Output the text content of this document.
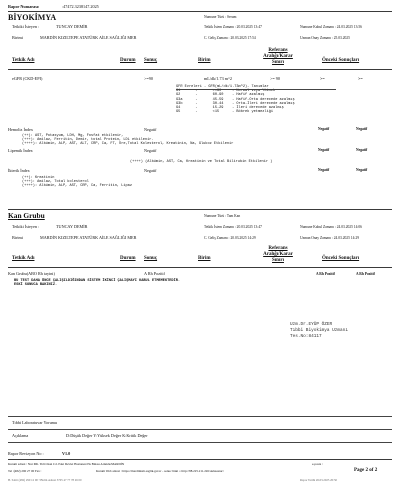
Rapor Numarası:	:47472.3238147.2025
BİYOKİMYA	Numune Türü : Serum
Tetkiki İsteyen :	TUNCAY DEMİR	Tetkik İstem Zamanı : 20.03.2025 13:47	Numune Kabul Zamanı : 24.03.2025 13:56
Birimi	MARDİN KIZILTEPE ATATÜRK AİLE SAĞLIĞI MER	C. Geliş Zamanı : 20.03.2025 17:54	Uzman Onay Zamanı : 25.03.2025
Tetkik Adı	Durum Sonuç	Birim
Referans
Aralığı/Karar
Sınırı	Önceki Sonuçları
eGFR (CKD-EPI)	>=90	mL/dk/1.73 m^2	>= 90	>=	>=
GFR Evreleri - GFR(mL/dk/1.73m^2)- Tanımlar
G1       -       >=90     - Normal veya Yüksek
G2       -       60-90    - Hafif azalmış
G3a      -       45-59    - Hafif-Orta derecede azalmış
G3b      -       30-44    - Orta-İleri derecede azalmış
G4       -       15-29    - İleri derecede azalmış
G5       -       <15      - Böbrek yetmezliği
Hemoliz İndex	Negatif	Negatif	Negatif
(++): AST, Potasyum, LDH, Mg, Fosfat etkilenir,
(+++): Amilaz, Ferritin, Demir, total Protein, LDL etkilenir.
(++++): Albümin, ALP, AST, ALT, CRP, Ca, FT, Üre,Total Kolesterol, Kreatinin, Na, Glukoz Etkilenir
Lipemik İndex	Negatif	Negatif	Negatif
(++++) (Albümin, AST, Ca, Kreatinin ve Total Bilirubin Etkilenir )
İkterik İndex	Negatif	Negatif	Negatif
(++): Kreatinin
(+++): Amilaz, Total kolesterol
(++++): Albümin, ALP, AST, CRP, Ca, Ferritin, Lipaz
Kan Grubu	Numune Türü : Tam Kan
Tetkiki İsteyen :	TUNCAY DEMİR	Tetkik İstem Zamanı : 20.03.2025 13:47	Numune Kabul Zamanı : 24.03.2025 14:06
Birimi	MARDİN KIZILTEPE ATATÜRK AİLE SAĞLIĞI MER	C. Geliş Zamanı : 20.03.2025 14:29	Uzman Onay Zamanı : 24.03.2025 14:29
Tetkik Adı	Durum Sonuç	Birim
Referans
Aralığı/Karar
Sınırı	Önceki Sonuçları
Kan Grubu(ABO Rh tayini)	A Rh Pozitif	A Rh Pozitif	A Rh Pozitif
BU TEST DAHA ÖNCE ÇALIŞILDIĞINDAN SİSTEM İKİNCİ ÇALIŞMAYI KABUL ETMEMEKTEDİR.
ESKİ SONUCA BAKINIZ.
Uzm.Dr.EYÜP ÖZER
Tıbbi Biyokimya Uzmanı
Tes.No:84117
Tıbbi Laboratuvar Yorumu
Açıklama	D:Düşük Değer Y:Yüksek Değer K:Kritik Değer
Rapor Revizyon No :	V1.0
Kurum adresi : Nur Mh. Yeli Ozan Cd. Eski Devlet Hastanesi Ek Binası Artuklu/MARDİN	e-posta :
Tel :(482) 290 27 00 Fax :	Kurum Web adresi : https://mardinism.saglik.gov.tr - sonuc linki = http://88.225.211.226/oklusonuc/	Page 2 of 2
H. Sabit (482) 290 12 00 • Birim Adresi 3705 47 77 78 26 00	Rapor Tarihi 26.03.2025 20:50
